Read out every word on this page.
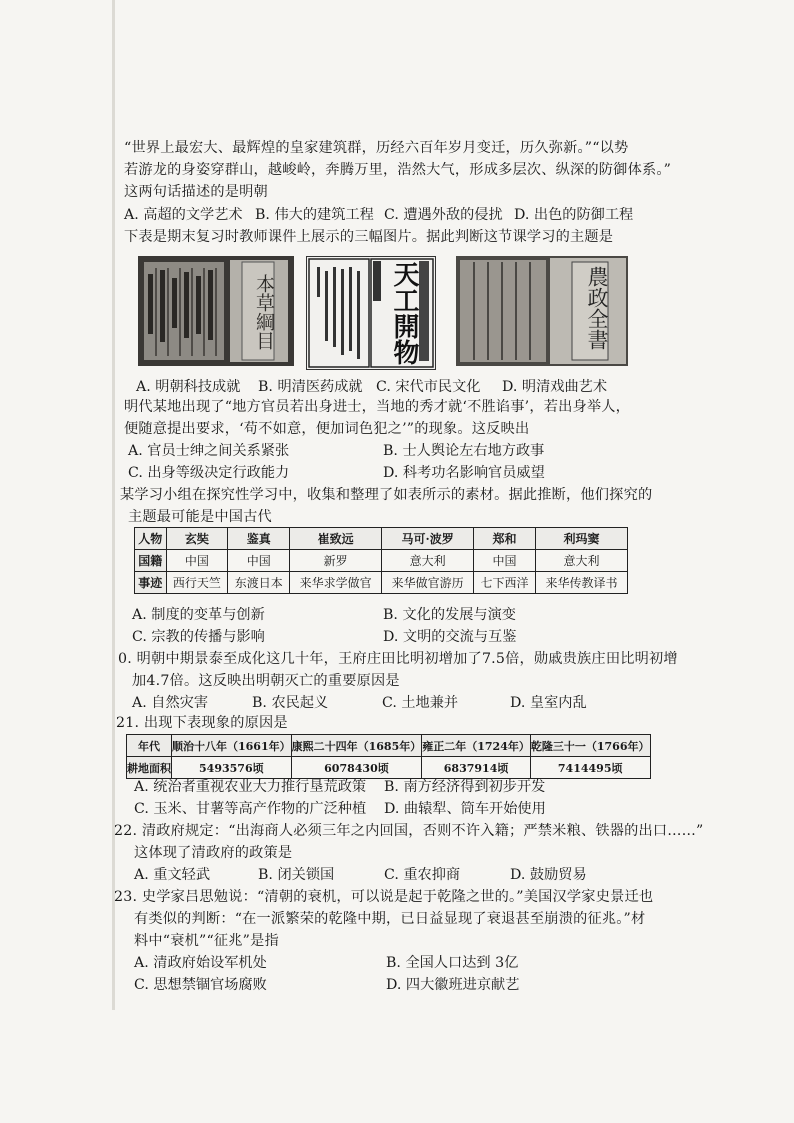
“世界上最宏大、最辉煌的皇家建筑群，历经六百年岁月变迁，历久弥新。”“以势
若游龙的身姿穿群山，越峻岭，奔腾万里，浩然大气，形成多层次、纵深的防御体系。”
这两句话描述的是明朝
A. 高超的文学艺术 B. 伟大的建筑工程 C. 遭遇外敌的侵扰 D. 出色的防御工程
下表是期末复习时教师课件上展示的三幅图片。据此判断这节课学习的主题是
本草綱目	天工開物	農政全書
A. 明朝科技成就 B. 明清医药成就 C. 宋代市民文化 D. 明清戏曲艺术
明代某地出现了“地方官员若出身进士，当地的秀才就‘不胜谄事’，若出身举人，
便随意提出要求，‘苟不如意，便加词色犯之’”的现象。这反映出
A. 官员士绅之间关系紧张	B. 士人舆论左右地方政事
C. 出身等级决定行政能力	D. 科考功名影响官员威望
某学习小组在探究性学习中，收集和整理了如表所示的素材。据此推断，他们探究的
主题最可能是中国古代
人物	玄奘	鉴真	崔致远	马可·波罗	郑和	利玛窦
国籍	中国	中国	新罗	意大利	中国	意大利
事迹	西行天竺	东渡日本	来华求学做官	来华做官游历	七下西洋	来华传教译书
A. 制度的变革与创新	B. 文化的发展与演变
C. 宗教的传播与影响	D. 文明的交流与互鉴
0. 明朝中期景泰至成化这几十年，王府庄田比明初增加了7.5倍，勋戚贵族庄田比明初增
加4.7倍。这反映出明朝灭亡的重要原因是
A. 自然灾害	B. 农民起义	C. 土地兼并	D. 皇室内乱
21. 出现下表现象的原因是
年代	顺治十八年（1661年）	康熙二十四年（1685年）	雍正二年（1724年）	乾隆三十一（1766年）
耕地面积	5493576顷	6078430顷	6837914顷	7414495顷
A. 统治者重视农业大力推行垦荒政策 B. 南方经济得到初步开发
C. 玉米、甘薯等高产作物的广泛种植 D. 曲辕犁、筒车开始使用
22. 清政府规定：“出海商人必须三年之内回国，否则不许入籍；严禁米粮、铁器的出口……”
这体现了清政府的政策是
A. 重文轻武	B. 闭关锁国	C. 重农抑商	D. 鼓励贸易
23. 史学家吕思勉说：“清朝的衰机，可以说是起于乾隆之世的。”美国汉学家史景迁也
有类似的判断：“在一派繁荣的乾隆中期，已日益显现了衰退甚至崩溃的征兆。”材
料中“衰机”“征兆”是指
A. 清政府始设军机处	B. 全国人口达到 3亿
C. 思想禁锢官场腐败	D. 四大徽班进京献艺
